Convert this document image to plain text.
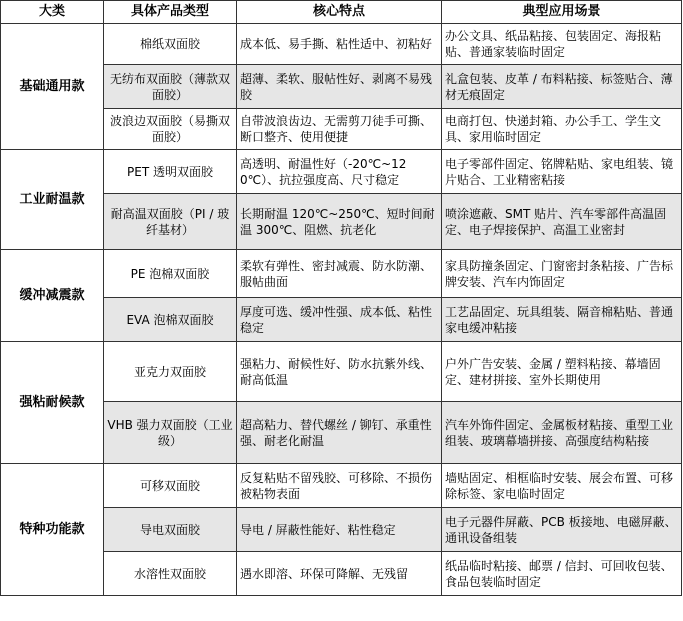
大类	具体产品类型	核心特点	典型应用场景
基础通用款	棉纸双面胶	成本低、易手撕、粘性适中、初粘好	办公文具、纸品粘接、包装固定、海报粘贴、普通家装临时固定
	无纺布双面胶（薄款双面胶）	超薄、柔软、服帖性好、剥离不易残胶	礼盒包装、皮革 / 布料粘接、标签贴合、薄材无痕固定
	波浪边双面胶（易撕双面胶）	自带波浪齿边、无需剪刀徒手可撕、断口整齐、使用便捷	电商打包、快递封箱、办公手工、学生文具、家用临时固定
工业耐温款	PET 透明双面胶	高透明、耐温性好（-20℃~120℃）、抗拉强度高、尺寸稳定	电子零部件固定、铭牌粘贴、家电组装、镜片贴合、工业精密粘接
	耐高温双面胶（PI / 玻纤基材）	长期耐温 120℃~250℃、短时间耐温 300℃、阻燃、抗老化	喷涂遮蔽、SMT 贴片、汽车零部件高温固定、电子焊接保护、高温工业密封
缓冲减震款	PE 泡棉双面胶	柔软有弹性、密封减震、防水防潮、服帖曲面	家具防撞条固定、门窗密封条粘接、广告标牌安装、汽车内饰固定
	EVA 泡棉双面胶	厚度可选、缓冲性强、成本低、粘性稳定	工艺品固定、玩具组装、隔音棉粘贴、普通家电缓冲粘接
强粘耐候款	亚克力双面胶	强粘力、耐候性好、防水抗紫外线、耐高低温	户外广告安装、金属 / 塑料粘接、幕墙固定、建材拼接、室外长期使用
	VHB 强力双面胶（工业级）	超高粘力、替代螺丝 / 铆钉、承重性强、耐老化耐温	汽车外饰件固定、金属板材粘接、重型工业组装、玻璃幕墙拼接、高强度结构粘接
特种功能款	可移双面胶	反复粘贴不留残胶、可移除、不损伤被粘物表面	墙贴固定、相框临时安装、展会布置、可移除标签、家电临时固定
	导电双面胶	导电 / 屏蔽性能好、粘性稳定	电子元器件屏蔽、PCB 板接地、电磁屏蔽、通讯设备组装
	水溶性双面胶	遇水即溶、环保可降解、无残留	纸品临时粘接、邮票 / 信封、可回收包装、食品包装临时固定
